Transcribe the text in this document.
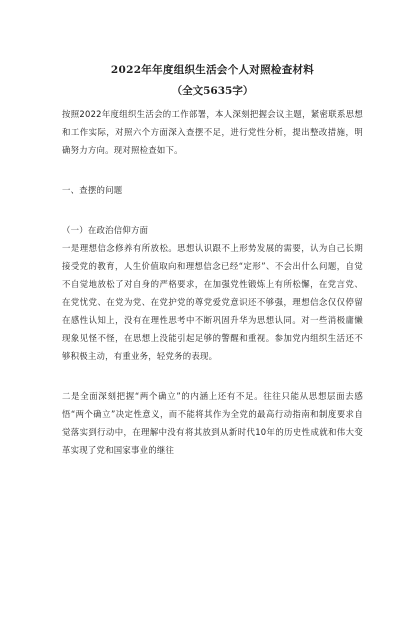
2022年年度组织生活会个人对照检查材料
（全文5635字）

按照2022年度组织生活会的工作部署，本人深刻把握会议主题，紧密联系思想和工作实际，对照六个方面深入查摆不足，进行党性分析，提出整改措施，明确努力方向。现对照检查如下。

一、查摆的问题

（一）在政治信仰方面

一是理想信念修养有所放松。思想认识跟不上形势发展的需要，认为自己长期接受党的教育，人生价值取向和理想信念已经“定形”、不会出什么问题，自觉不自觉地放松了对自身的严格要求，在加强党性锻炼上有所松懈，在党言党、在党忧党、在党为党、在党护党的尊党爱党意识还不够强，理想信念仅仅停留在感性认知上，没有在理性思考中不断巩固升华为思想认同。对一些消极庸懒现象见怪不怪，在思想上没能引起足够的警醒和重视。参加党内组织生活还不够积极主动，有重业务，轻党务的表现。

二是全面深刻把握“两个确立”的内涵上还有不足。往往只能从思想层面去感悟“两个确立”决定性意义，而不能将其作为全党的最高行动指南和制度要求自觉落实到行动中，在理解中没有将其放到从新时代10年的历史性成就和伟大变革实现了党和国家事业的继往
